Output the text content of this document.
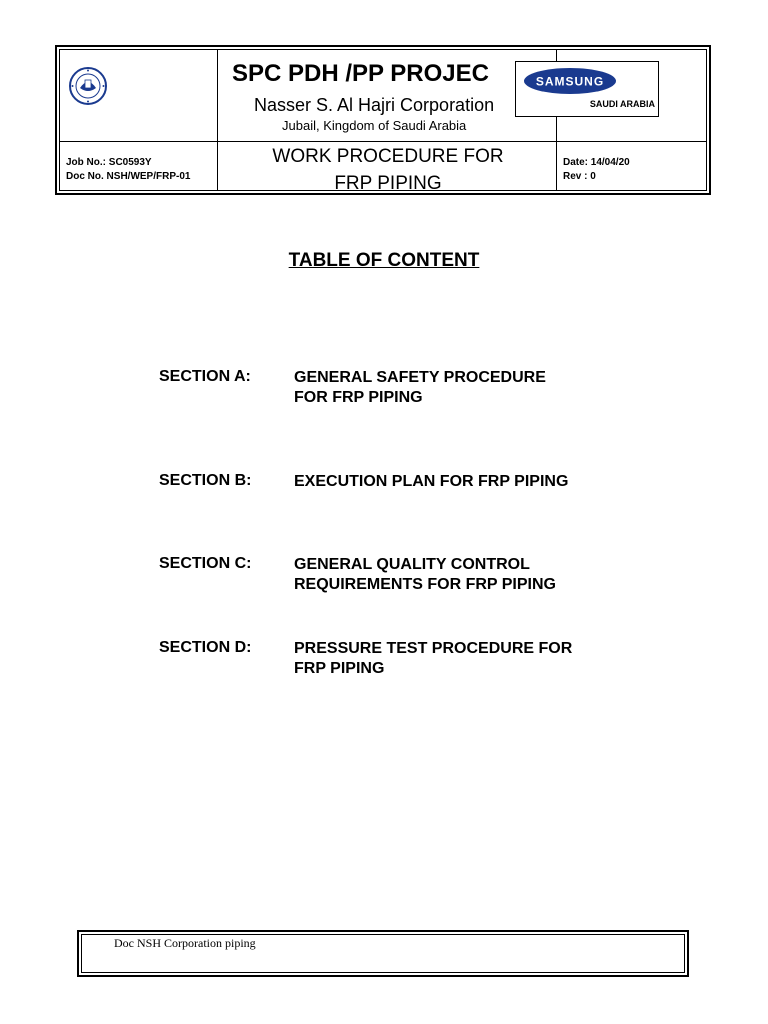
SPC PDH /PP PROJEC
Nasser S. Al Hajri Corporation
Jubail, Kingdom of Saudi Arabia
SAMSUNG
SAUDI ARABIA
Job No.: SC0593Y
Doc No. NSH/WEP/FRP-01
WORK PROCEDURE FOR
FRP PIPING
Date: 14/04/20
Rev : 0
TABLE OF CONTENT
SECTION A:	GENERAL SAFETY PROCEDURE
FOR FRP PIPING
SECTION B:	EXECUTION PLAN FOR FRP PIPING
SECTION C:	GENERAL QUALITY CONTROL
REQUIREMENTS FOR FRP PIPING
SECTION D:	PRESSURE TEST PROCEDURE FOR
FRP PIPING
Doc NSH Corporation piping
